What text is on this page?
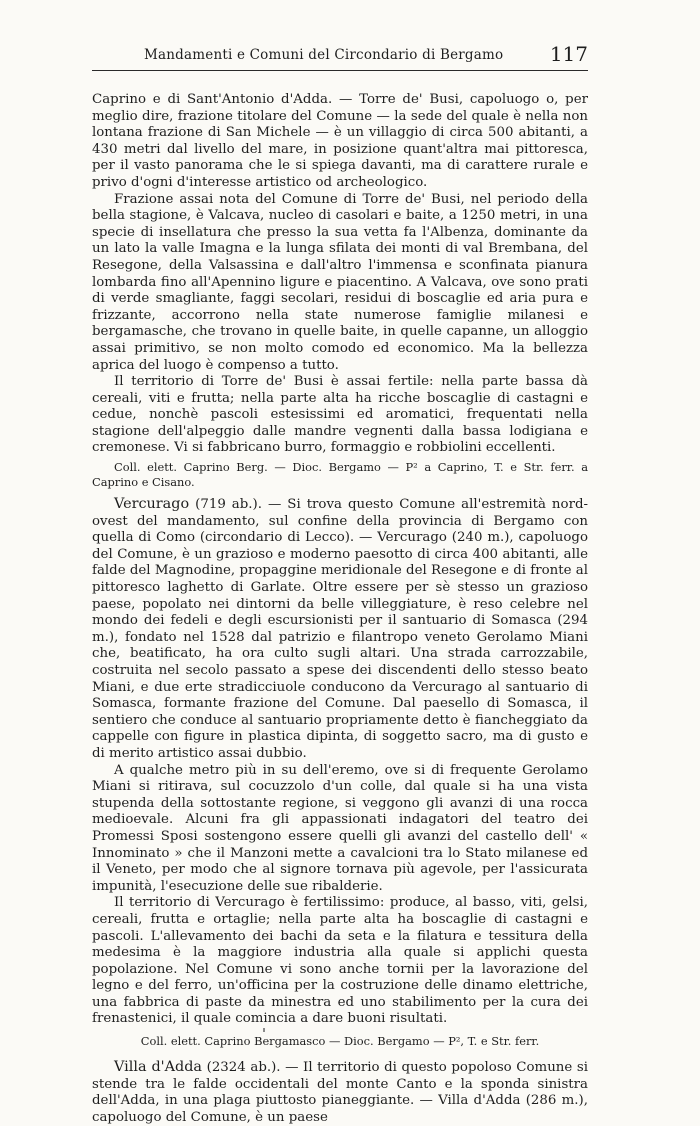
Mandamenti e Comuni del Circondario di Bergamo 117

Caprino e di Sant'Antonio d'Adda. — Torre de' Busi, capoluogo o, per meglio dire, frazione titolare del Comune — la sede del quale è nella non lontana frazione di San Michele — è un villaggio di circa 500 abitanti, a 430 metri dal livello del mare, in posizione quant'altra mai pittoresca, per il vasto panorama che le si spiega davanti, ma di carattere rurale e privo d'ogni d'interesse artistico od archeologico.

Frazione assai nota del Comune di Torre de' Busi, nel periodo della bella stagione, è Valcava, nucleo di casolari e baite, a 1250 metri, in una specie di insellatura che presso la sua vetta fa l'Albenza, dominante da un lato la valle Imagna e la lunga sfilata dei monti di val Brembana, del Resegone, della Valsassina e dall'altro l'immensa e sconfinata pianura lombarda fino all'Apennino ligure e piacentino. A Valcava, ove sono prati di verde smagliante, faggi secolari, residui di boscaglie ed aria pura e frizzante, accorrono nella state numerose famiglie milanesi e bergamasche, che trovano in quelle baite, in quelle capanne, un alloggio assai primitivo, se non molto comodo ed economico. Ma la bellezza aprica del luogo è compenso a tutto.

Il territorio di Torre de' Busi è assai fertile: nella parte bassa dà cereali, viti e frutta; nella parte alta ha ricche boscaglie di castagni e cedue, nonchè pascoli estesissimi ed aromatici, frequentati nella stagione dell'alpeggio dalle mandre vegnenti dalla bassa lodigiana e cremonese. Vi si fabbricano burro, formaggio e robbiolini eccellenti.

Coll. elett. Caprino Berg. — Dioc. Bergamo — P² a Caprino, T. e Str. ferr. a Caprino e Cisano.

Vercurago (719 ab.). — Si trova questo Comune all'estremità nord-ovest del mandamento, sul confine della provincia di Bergamo con quella di Como (circondario di Lecco). — Vercurago (240 m.), capoluogo del Comune, è un grazioso e moderno paesotto di circa 400 abitanti, alle falde del Magnodine, propaggine meridionale del Resegone e di fronte al pittoresco laghetto di Garlate. Oltre essere per sè stesso un grazioso paese, popolato nei dintorni da belle villeggiature, è reso celebre nel mondo dei fedeli e degli escursionisti per il santuario di Somasca (294 m.), fondato nel 1528 dal patrizio e filantropo veneto Gerolamo Miani che, beatificato, ha ora culto sugli altari. Una strada carrozzabile, costruita nel secolo passato a spese dei discendenti dello stesso beato Miani, e due erte stradicciuole conducono da Vercurago al santuario di Somasca, formante frazione del Comune. Dal paesello di Somasca, il sentiero che conduce al santuario propriamente detto è fiancheggiato da cappelle con figure in plastica dipinta, di soggetto sacro, ma di gusto e di merito artistico assai dubbio.

A qualche metro più in su dell'eremo, ove si di frequente Gerolamo Miani si ritirava, sul cocuzzolo d'un colle, dal quale si ha una vista stupenda della sottostante regione, si veggono gli avanzi di una rocca medioevale. Alcuni fra gli appassionati indagatori del teatro dei Promessi Sposi sostengono essere quelli gli avanzi del castello dell' « Innominato » che il Manzoni mette a cavalcioni tra lo Stato milanese ed il Veneto, per modo che al signore tornava più agevole, per l'assicurata impunità, l'esecuzione delle sue ribalderie.

Il territorio di Vercurago è fertilissimo: produce, al basso, viti, gelsi, cereali, frutta e ortaglie; nella parte alta ha boscaglie di castagni e pascoli. L'allevamento dei bachi da seta e la filatura e tessitura della medesima è la maggiore industria alla quale si applichi questa popolazione. Nel Comune vi sono anche tornii per la lavorazione del legno e del ferro, un'officina per la costruzione delle dinamo elettriche, una fabbrica di paste da minestra ed uno stabilimento per la cura dei frenastenici, il quale comincia a dare buoni risultati.

Coll. elett. Caprino Bergamasco — Dioc. Bergamo — P², T. e Str. ferr.

Villa d'Adda (2324 ab.). — Il territorio di questo popoloso Comune si stende tra le falde occidentali del monte Canto e la sponda sinistra dell'Adda, in una plaga piuttosto pianeggiante. — Villa d'Adda (286 m.), capoluogo del Comune, è un paese
